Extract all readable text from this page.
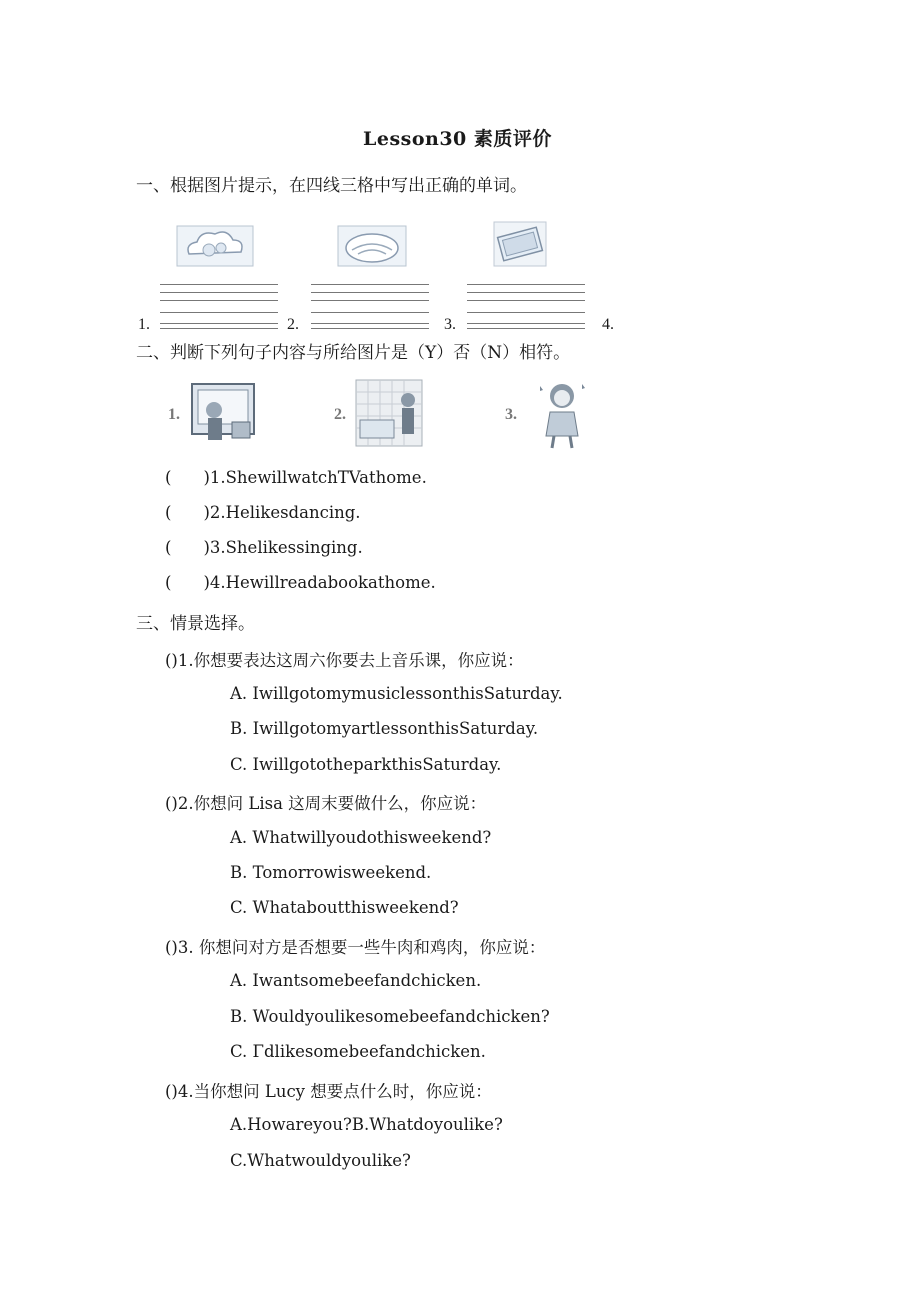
Lesson30 素质评价
一、根据图片提示，在四线三格中写出正确的单词。
1.	2.	3.	4.
二、判断下列句子内容与所给图片是（Y）否（N）相符。
1.	2.	3.
( )1.ShewillwatchTVathome.
( )2.Helikesdancing.
( )3.Shelikessinging.
( )4.Hewillreadabookathome.
三、情景选择。
()1.你想要表达这周六你要去上音乐课，你应说：
A. IwillgotomymusiclessonthisSaturday.
B. IwillgotomyartlessonthisSaturday.
C. IwillgototheparkthisSaturday.
()2.你想问 Lisa 这周末要做什么，你应说：
A. Whatwillyoudothisweekend?
B. Tomorrowisweekend.
C. Whataboutthisweekend?
()3. 你想问对方是否想要一些牛肉和鸡肉，你应说：
A. Iwantsomebeefandchicken.
B. Wouldyoulikesomebeefandchicken?
C. Γdlikesomebeefandchicken.
()4.当你想问 Lucy 想要点什么时，你应说：
A.Howareyou?B.Whatdoyoulike?
C.Whatwouldyoulike?
